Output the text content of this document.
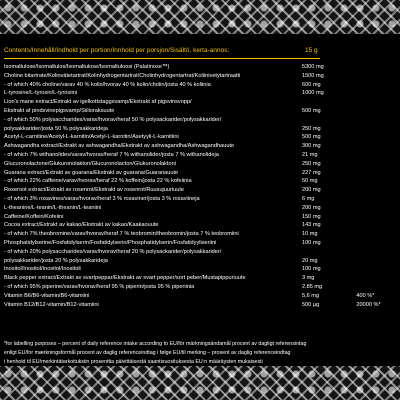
Contents/Innehåll/Indhold per portion/Innhold per porsjon/Sisältö, kerta-annos:	15 g
Isomaltulose/Isomaltulos/Isomaltulose/Isomaltuloosi (Palatinose™)	5300 mg
Choline bitartrate/Kolinvätetartrat/Kolinhydrogentartrat/Cholinhydrogentartrat/Koliinivetytartraatti	1500 mg
- of which 40% choline/varav 40 % kolin/hvorav 40 % kolin/cholin/josta 40 % koliinia	600 mg
L-tyrosine/L-tyrosin/L-tyrosiini	1000 mg
Lion's mane extract/Extrakt av igelkottstaggsvamp/Ekstrakt af pigsvinsvopp/
Ekstrakt af pindsvinepigsvamp/Siilioraksuute	500 mg
- of which 50% polysaccharides/varav/hvorav/heraf 50 % polysackarider/polysakkarider/
polysakkarider/josta 50 % polysakkarideja	250 mg
Acetyl-L-carnitine/Acetyl-L-karnitin/Acetyl-L-karnitin/Asetyyli-L-karnitiini	500 mg
Ashwagandha extract/Extrakt av ashwagandha/Ekstrakt av ashwagandha/Ashwagandhauute	300 mg
- of which 7% withanolides/varav/hvorav/heraf 7 % withanolider/josta 7 % withanolideja	21 mg
Glucuronolactone/Glukuronolakton/Glucuronolacton/Glukuronolaktoni	250 mg
Guarana extract/Extrakt av guarana/Ekstrakt av guarana/Guaranauute	227 mg
- of which 22% caffeine/varav/hvorav/heraf 22 % koffein/josta 22 % kofeiinia	50 mg
Roseroot extract/Extrakt av rosenrot/Ekstrakt av rosenrot/Ruusujuuriuute	200 mg
- of which 3% rosavines/varav/hvorav/heraf 3 % rosaviner/josta 3 % rosaviineja	6 mg
L-theanine/L-teanin/L-theanin/L-teaniini	200 mg
Caffeine/Koffein/Kofeiini	150 mg
Cocoa extract/Extrakt av kakao/Ekstrakt av kakao/Kaakaouute	143 mg
- of which 7% theobromine/varav/hvorav/heraf 7 % teobromin/theobromin/josta 7 % teobromiini	10 mg
Phosphatidylserine/Fosfatidylserin/Fosfatidylserin/Phosphatidylserin/Fosfatidyyliseriini	100 mg
- of which 20% polysaccharides/varav/hvorav/heraf 20 % polysackarider/polysakkarider/
polysakkarider/josta 20 % polysakkarideja	20 mg
Inositol/Inositol/Inositol/Inositoli	100 mg
Black pepper extract/Extrakt av svartpeppar/Ekstrakt av svart pepper/sort peber/Mustapippuriuute	3 mg
- of which 95% piperine/varav/hvorav/heraf 95 % piperin/josta 95 % piperiinia	2.85 mg
Vitamin B6/B6-vitamin/B6-vitamiini	5,6 mg	400 %*
Vitamin B12/B12-vitamin/B12-vitamiini	500 µg	20000 %*
*for labelling purposes – percent of daily reference intake according to EU/för märkningsändamål procent av dagligt referensintag
enligt EU/for mærkningsformål procent av daglig referenceindtag i følge EU/til merking – prosent av daglig referenceindtag
i henhold til EU/merkintätarkoituksiin prosenttia päivittäisestä saantisuosituksesta EU:n määräysten mukaisesti
